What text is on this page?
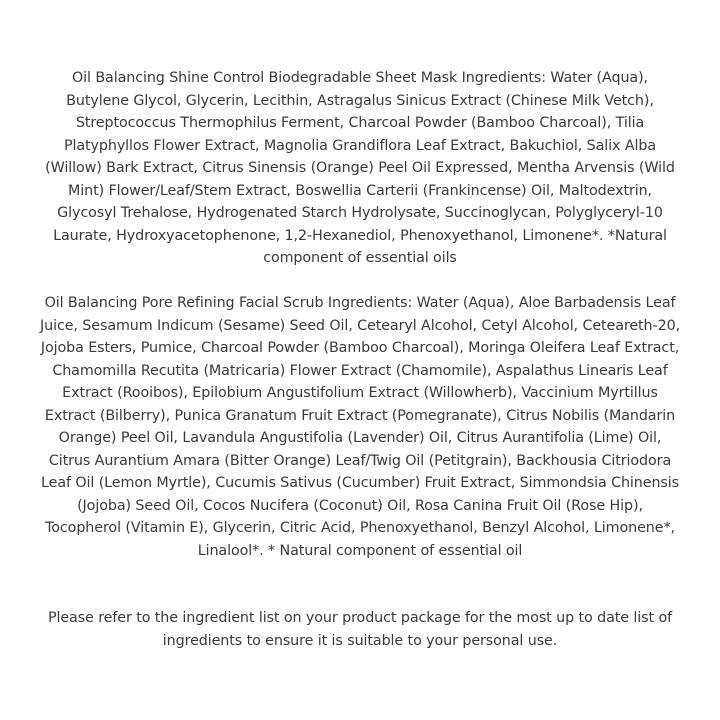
Oil Balancing Shine Control Biodegradable Sheet Mask Ingredients: Water (Aqua), Butylene Glycol, Glycerin, Lecithin, Astragalus Sinicus Extract (Chinese Milk Vetch), Streptococcus Thermophilus Ferment, Charcoal Powder (Bamboo Charcoal), Tilia Platyphyllos Flower Extract, Magnolia Grandiflora Leaf Extract, Bakuchiol, Salix Alba (Willow) Bark Extract, Citrus Sinensis (Orange) Peel Oil Expressed, Mentha Arvensis (Wild Mint) Flower/Leaf/Stem Extract, Boswellia Carterii (Frankincense) Oil, Maltodextrin, Glycosyl Trehalose, Hydrogenated Starch Hydrolysate, Succinoglycan, Polyglyceryl-10 Laurate, Hydroxyacetophenone, 1,2-Hexanediol, Phenoxyethanol, Limonene*. *Natural component of essential oils

Oil Balancing Pore Refining Facial Scrub Ingredients: Water (Aqua), Aloe Barbadensis Leaf Juice, Sesamum Indicum (Sesame) Seed Oil, Cetearyl Alcohol, Cetyl Alcohol, Ceteareth-20, Jojoba Esters, Pumice, Charcoal Powder (Bamboo Charcoal), Moringa Oleifera Leaf Extract, Chamomilla Recutita (Matricaria) Flower Extract (Chamomile), Aspalathus Linearis Leaf Extract (Rooibos), Epilobium Angustifolium Extract (Willowherb), Vaccinium Myrtillus Extract (Bilberry), Punica Granatum Fruit Extract (Pomegranate), Citrus Nobilis (Mandarin Orange) Peel Oil, Lavandula Angustifolia (Lavender) Oil, Citrus Aurantifolia (Lime) Oil, Citrus Aurantium Amara (Bitter Orange) Leaf/Twig Oil (Petitgrain), Backhousia Citriodora Leaf Oil (Lemon Myrtle), Cucumis Sativus (Cucumber) Fruit Extract, Simmondsia Chinensis (Jojoba) Seed Oil, Cocos Nucifera (Coconut) Oil, Rosa Canina Fruit Oil (Rose Hip), Tocopherol (Vitamin E), Glycerin, Citric Acid, Phenoxyethanol, Benzyl Alcohol, Limonene*, Linalool*. * Natural component of essential oil

Please refer to the ingredient list on your product package for the most up to date list of ingredients to ensure it is suitable to your personal use.
